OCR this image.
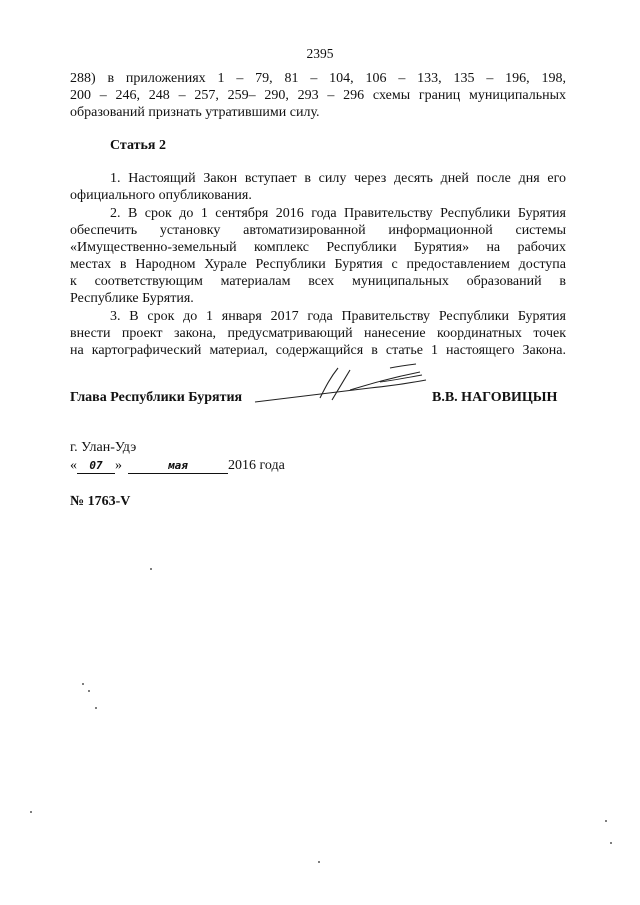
2395
288) в приложениях 1 – 79, 81 – 104, 106 – 133, 135 – 196, 198,
200 – 246, 248 – 257, 259– 290, 293 – 296 схемы границ муниципальных
образований признать утратившими силу.
Статья 2
1. Настоящий Закон вступает в силу через десять дней после дня его
официального опубликования.
2. В срок до 1 сентября 2016 года Правительству Республики Бурятия
обеспечить установку автоматизированной информационной системы
«Имущественно-земельный комплекс Республики Бурятия» на рабочих
местах в Народном Хурале Республики Бурятия с предоставлением доступа
к соответствующим материалам всех муниципальных образований в
Республике Бурятия.
3. В срок до 1 января 2017 года Правительству Республики Бурятия
внести проект закона, предусматривающий нанесение координатных точек
на картографический материал, содержащийся в статье 1 настоящего Закона.
Глава Республики Бурятия	В.В. НАГОВИЦЫН
г. Улан-Удэ
« 07 »	мая	2016 года
№ 1763-V
